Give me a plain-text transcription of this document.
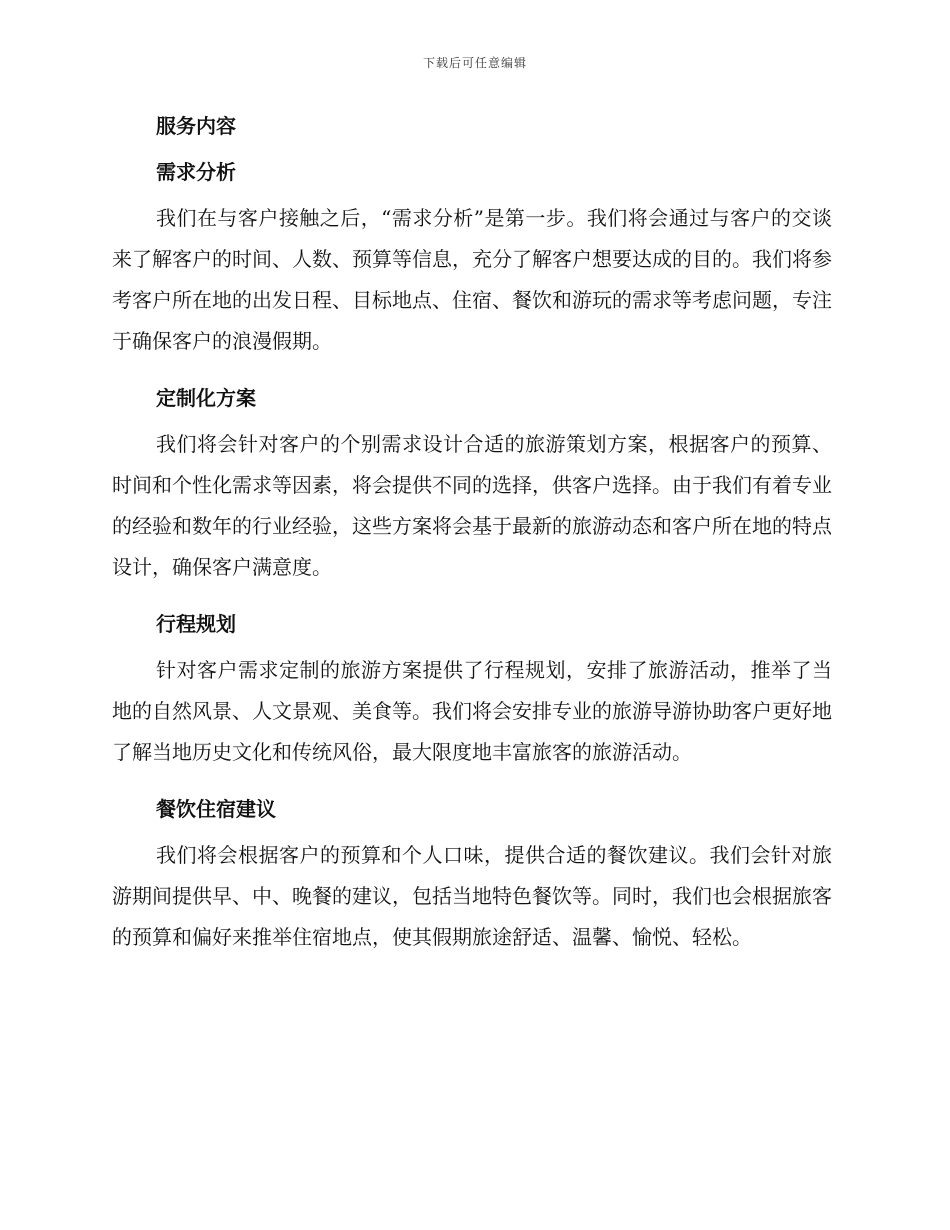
下载后可任意编辑
服务内容
需求分析

我们在与客户接触之后，“需求分析”是第一步。我们将会通过与客户的交谈来了解客户的时间、人数、预算等信息，充分了解客户想要达成的目的。我们将参考客户所在地的出发日程、目标地点、住宿、餐饮和游玩的需求等考虑问题，专注于确保客户的浪漫假期。

定制化方案

我们将会针对客户的个别需求设计合适的旅游策划方案，根据客户的预算、时间和个性化需求等因素，将会提供不同的选择，供客户选择。由于我们有着专业的经验和数年的行业经验，这些方案将会基于最新的旅游动态和客户所在地的特点设计，确保客户满意度。

行程规划

针对客户需求定制的旅游方案提供了行程规划，安排了旅游活动，推举了当地的自然风景、人文景观、美食等。我们将会安排专业的旅游导游协助客户更好地了解当地历史文化和传统风俗，最大限度地丰富旅客的旅游活动。

餐饮住宿建议

我们将会根据客户的预算和个人口味，提供合适的餐饮建议。我们会针对旅游期间提供早、中、晚餐的建议，包括当地特色餐饮等。同时，我们也会根据旅客的预算和偏好来推举住宿地点，使其假期旅途舒适、温馨、愉悦、轻松。
